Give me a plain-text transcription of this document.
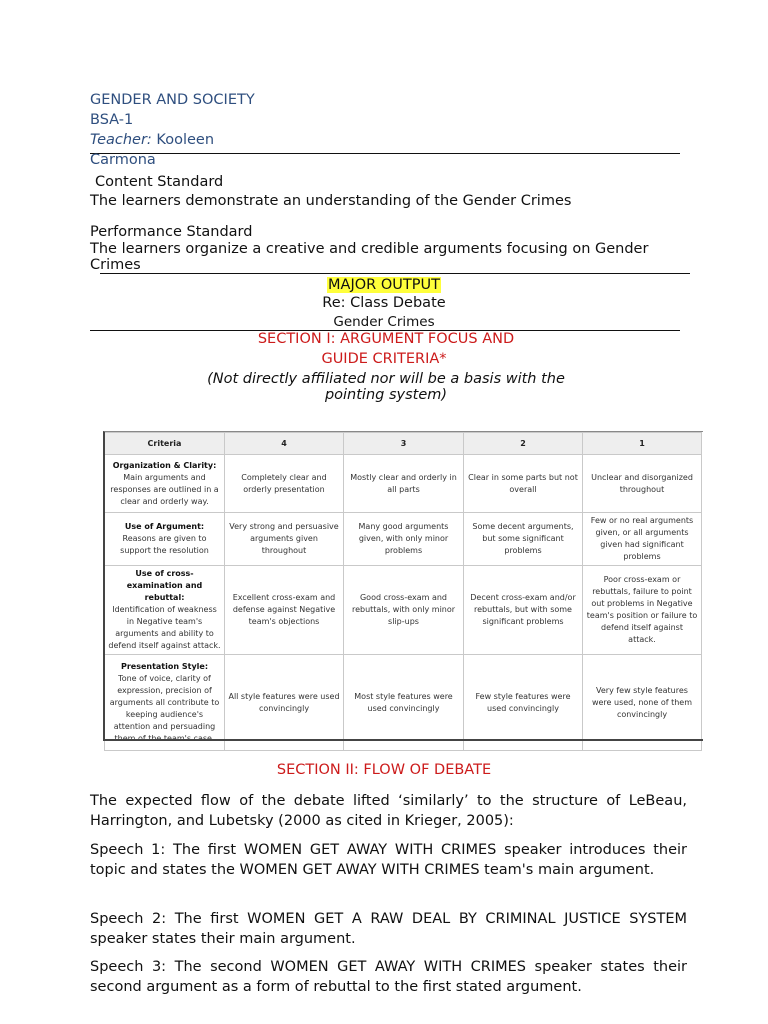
GENDER AND SOCIETY
BSA-1
Teacher: Kooleen
Carmona
Content Standard
The learners demonstrate an understanding of the Gender Crimes
Performance Standard
The learners organize a creative and credible arguments focusing on Gender Crimes
MAJOR OUTPUT
Re: Class Debate
Gender Crimes
SECTION I: ARGUMENT FOCUS AND
GUIDE CRITERIA*
(Not directly affiliated nor will be a basis with the pointing system)
Criteria	4	3	2	1

Organization & Clarity:
Main arguments and responses are outlined in a clear and orderly way.	Completely clear and orderly presentation	Mostly clear and orderly in all parts	Clear in some parts but not overall	Unclear and disorganized throughout

Use of Argument:
Reasons are given to support the resolution	Very strong and persuasive arguments given throughout	Many good arguments given, with only minor problems	Some decent arguments, but some significant problems	Few or no real arguments given, or all arguments given had significant problems

Use of cross-examination and rebuttal:
Identification of weakness in Negative team's arguments and ability to defend itself against attack.	Excellent cross-exam and defense against Negative team's objections	Good cross-exam and rebuttals, with only minor slip-ups	Decent cross-exam and/or rebuttals, but with some significant problems	Poor cross-exam or rebuttals, failure to point out problems in Negative team's position or failure to defend itself against attack.

Presentation Style:
Tone of voice, clarity of expression, precision of arguments all contribute to keeping audience's attention and persuading them of the team's case.	All style features were used convincingly	Most style features were used convincingly	Few style features were used convincingly	Very few style features were used, none of them convincingly
SECTION II: FLOW OF DEBATE
The expected flow of the debate lifted ‘similarly’ to the structure of LeBeau, Harrington, and Lubetsky (2000 as cited in Krieger, 2005):
Speech 1: The first WOMEN GET AWAY WITH CRIMES speaker introduces their topic and states the WOMEN GET AWAY WITH CRIMES team's main argument.
Speech 2: The first WOMEN GET A RAW DEAL BY CRIMINAL JUSTICE SYSTEM speaker states their main argument.
Speech 3: The second WOMEN GET AWAY WITH CRIMES speaker states their second argument as a form of rebuttal to the first stated argument.
